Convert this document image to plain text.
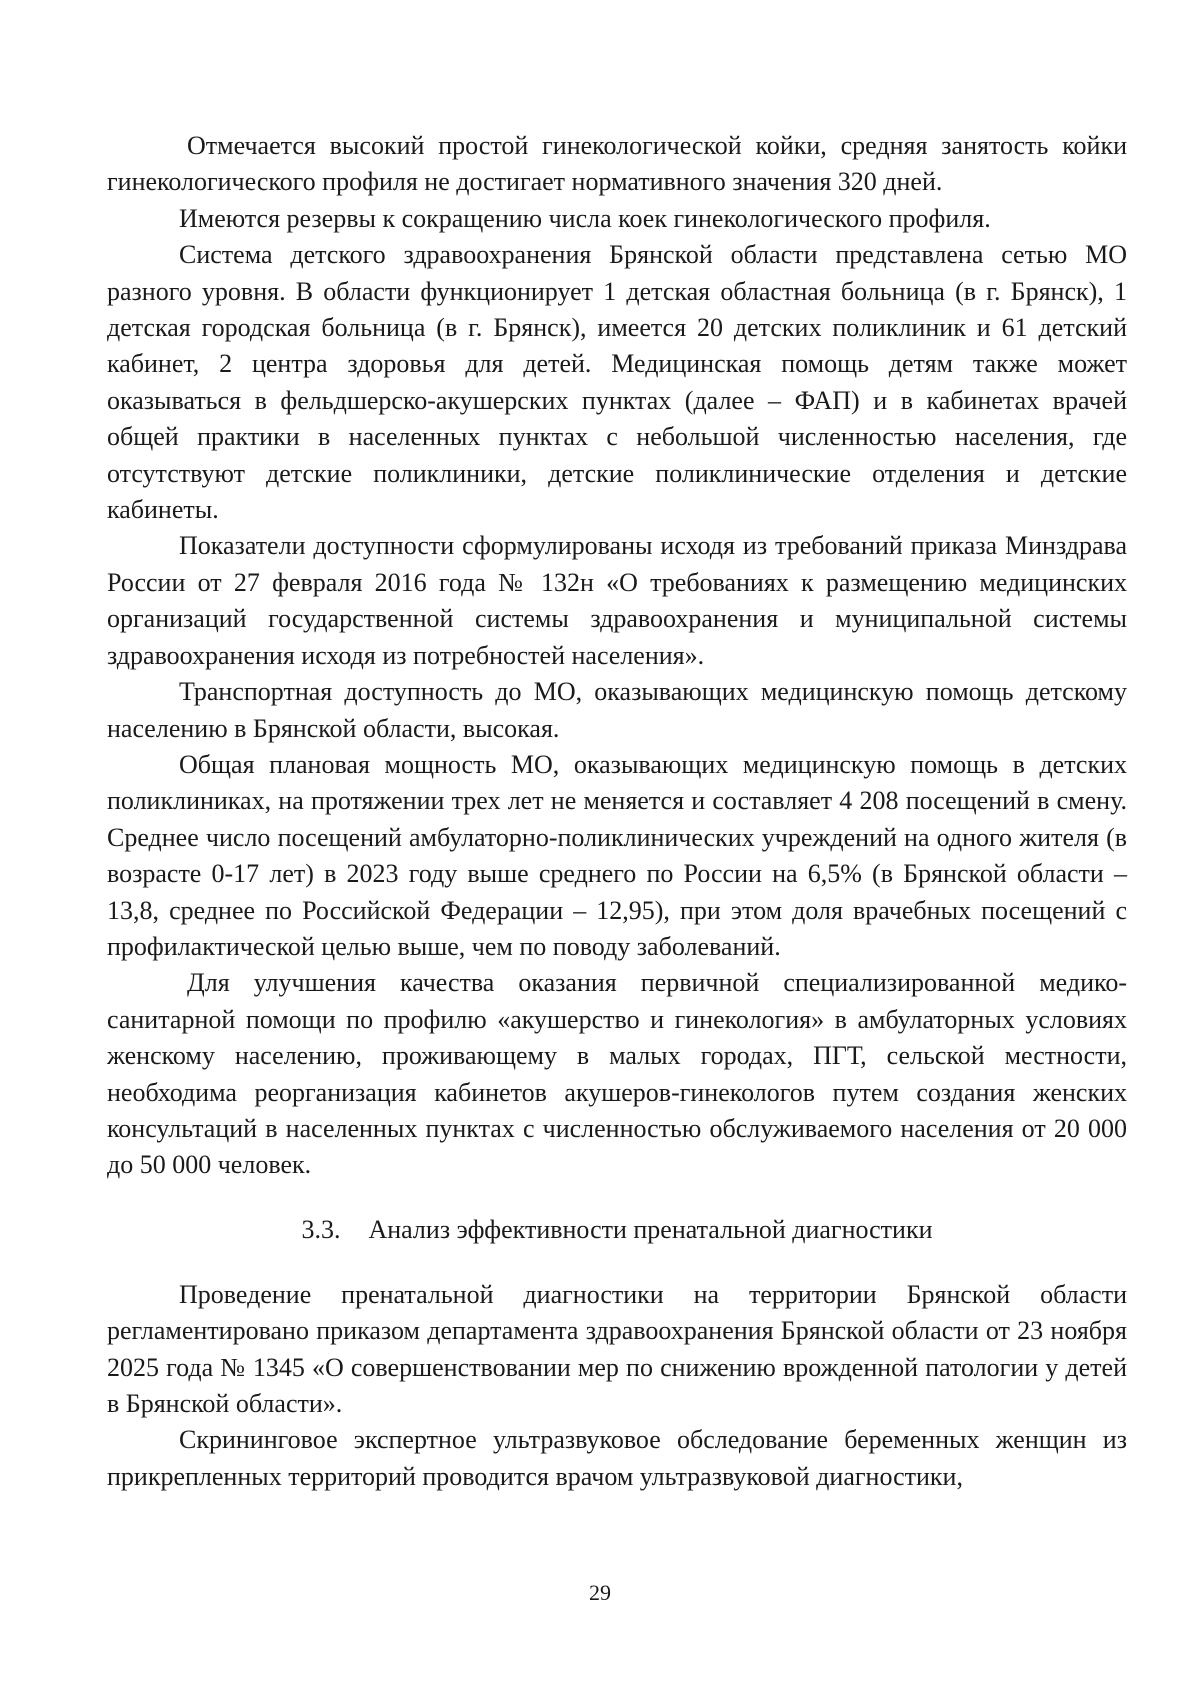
Отмечается высокий простой гинекологической койки, средняя занятость койки гинекологического профиля не достигает нормативного значения 320 дней.

Имеются резервы к сокращению числа коек гинекологического профиля.

Система детского здравоохранения Брянской области представлена сетью МО разного уровня. В области функционирует 1 детская областная больница (в г. Брянск), 1 детская городская больница (в г. Брянск), имеется 20 детских поликлиник и 61 детский кабинет, 2 центра здоровья для детей. Медицинская помощь детям также может оказываться в фельдшерско-акушерских пунктах (далее – ФАП) и в кабинетах врачей общей практики в населенных пунктах с небольшой численностью населения, где отсутствуют детские поликлиники, детские поликлинические отделения и детские кабинеты.

Показатели доступности сформулированы исходя из требований приказа Минздрава России от 27 февраля 2016 года № 132н «О требованиях к размещению медицинских организаций государственной системы здравоохранения и муниципальной системы здравоохранения исходя из потребностей населения».

Транспортная доступность до МО, оказывающих медицинскую помощь детскому населению в Брянской области, высокая.

Общая плановая мощность МО, оказывающих медицинскую помощь в детских поликлиниках, на протяжении трех лет не меняется и составляет 4 208 посещений в смену. Среднее число посещений амбулаторно-поликлинических учреждений на одного жителя (в возрасте 0-17 лет) в 2023 году выше среднего по России на 6,5% (в Брянской области – 13,8, среднее по Российской Федерации – 12,95), при этом доля врачебных посещений с профилактической целью выше, чем по поводу заболеваний.

Для улучшения качества оказания первичной специализированной медико-санитарной помощи по профилю «акушерство и гинекология» в амбулаторных условиях женскому населению, проживающему в малых городах, ПГТ, сельской местности, необходима реорганизация кабинетов акушеров-гинекологов путем создания женских консультаций в населенных пунктах с численностью обслуживаемого населения от 20 000 до 50 000 человек.

3.3. Анализ эффективности пренатальной диагностики

Проведение пренатальной диагностики на территории Брянской области регламентировано приказом департамента здравоохранения Брянской области от 23 ноября 2025 года № 1345 «О совершенствовании мер по снижению врожденной патологии у детей в Брянской области».

Скрининговое экспертное ультразвуковое обследование беременных женщин из прикрепленных территорий проводится врачом ультразвуковой диагностики,

29
